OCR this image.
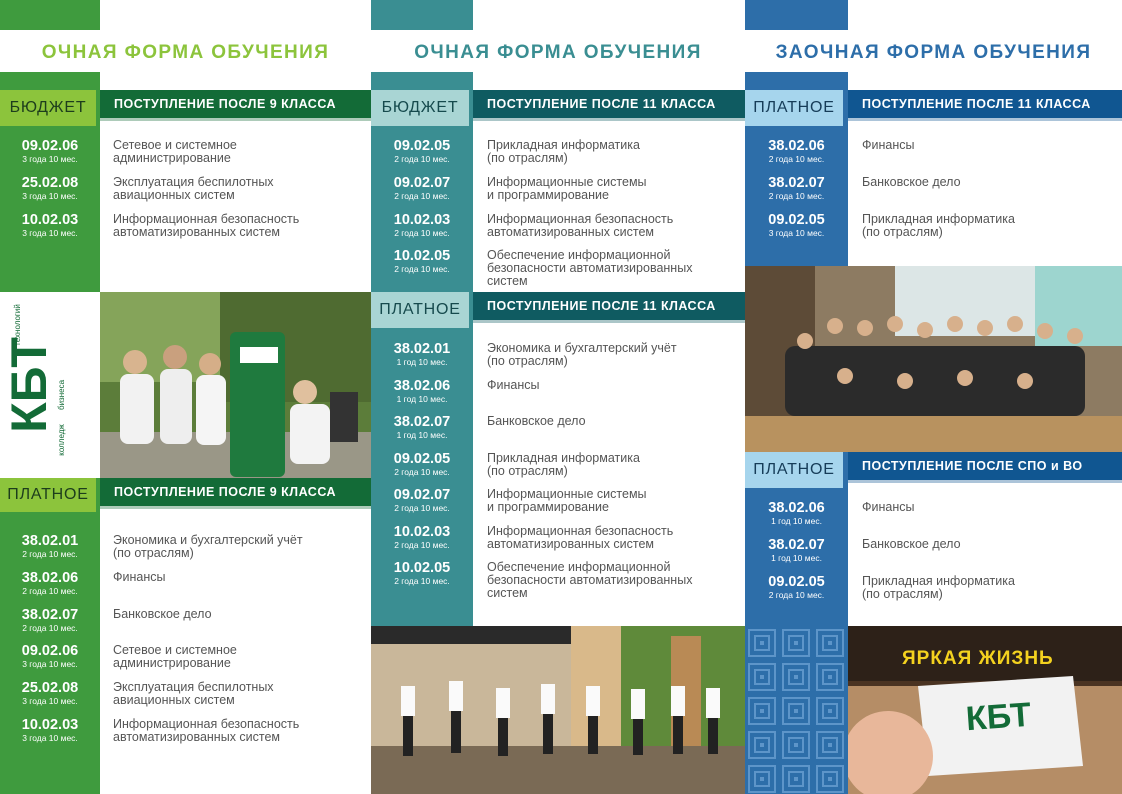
ОЧНАЯ ФОРМА ОБУЧЕНИЯ	ОЧНАЯ ФОРМА ОБУЧЕНИЯ	ЗАОЧНАЯ ФОРМА ОБУЧЕНИЯ
БЮДЖЕТ	ПОСТУПЛЕНИЕ ПОСЛЕ 9 КЛАССА
09.02.06
3 года 10 мес.
Сетевое и системное
администрирование
25.02.08
3 года 10 мес.
Эксплуатация беспилотных
авиационных систем
10.02.03
3 года 10 мес.
Информационная безопасность
автоматизированных систем
КБТ
технологий
бизнеса
колледж
ПЛАТНОЕ	ПОСТУПЛЕНИЕ ПОСЛЕ 9 КЛАССА
38.02.01
2 года 10 мес.
Экономика и бухгалтерский учёт
(по отраслям)
38.02.06
2 года 10 мес.
Финансы
38.02.07
2 года 10 мес.
Банковское дело
09.02.06
3 года 10 мес.
Сетевое и системное
администрирование
25.02.08
3 года 10 мес.
Эксплуатация беспилотных
авиационных систем
10.02.03
3 года 10 мес.
Информационная безопасность
автоматизированных систем
БЮДЖЕТ	ПОСТУПЛЕНИЕ ПОСЛЕ 11 КЛАССА
09.02.05
2 года 10 мес.
Прикладная информатика
(по отраслям)
09.02.07
2 года 10 мес.
Информационные системы
и программирование
10.02.03
2 года 10 мес.
Информационная безопасность
автоматизированных систем
10.02.05
2 года 10 мес.
Обеспечение информационной
безопасности автоматизированных
систем
ПЛАТНОЕ	ПОСТУПЛЕНИЕ ПОСЛЕ 11 КЛАССА
38.02.01
1 год 10 мес.
Экономика и бухгалтерский учёт
(по отраслям)
38.02.06
1 год 10 мес.
Финансы
38.02.07
1 год 10 мес.
Банковское дело
09.02.05
2 года 10 мес.
Прикладная информатика
(по отраслям)
09.02.07
2 года 10 мес.
Информационные системы
и программирование
10.02.03
2 года 10 мес.
Информационная безопасность
автоматизированных систем
10.02.05
2 года 10 мес.
Обеспечение информационной
безопасности автоматизированных
систем
ПЛАТНОЕ	ПОСТУПЛЕНИЕ ПОСЛЕ 11 КЛАССА
38.02.06
2 года 10 мес.
Финансы
38.02.07
2 года 10 мес.
Банковское дело
09.02.05
3 года 10 мес.
Прикладная информатика
(по отраслям)
ПЛАТНОЕ	ПОСТУПЛЕНИЕ ПОСЛЕ СПО и ВО
38.02.06
1 год 10 мес.
Финансы
38.02.07
1 год 10 мес.
Банковское дело
09.02.05
2 года 10 мес.
Прикладная информатика
(по отраслям)
ЯРКАЯ ЖИЗНЬ
КБТ
